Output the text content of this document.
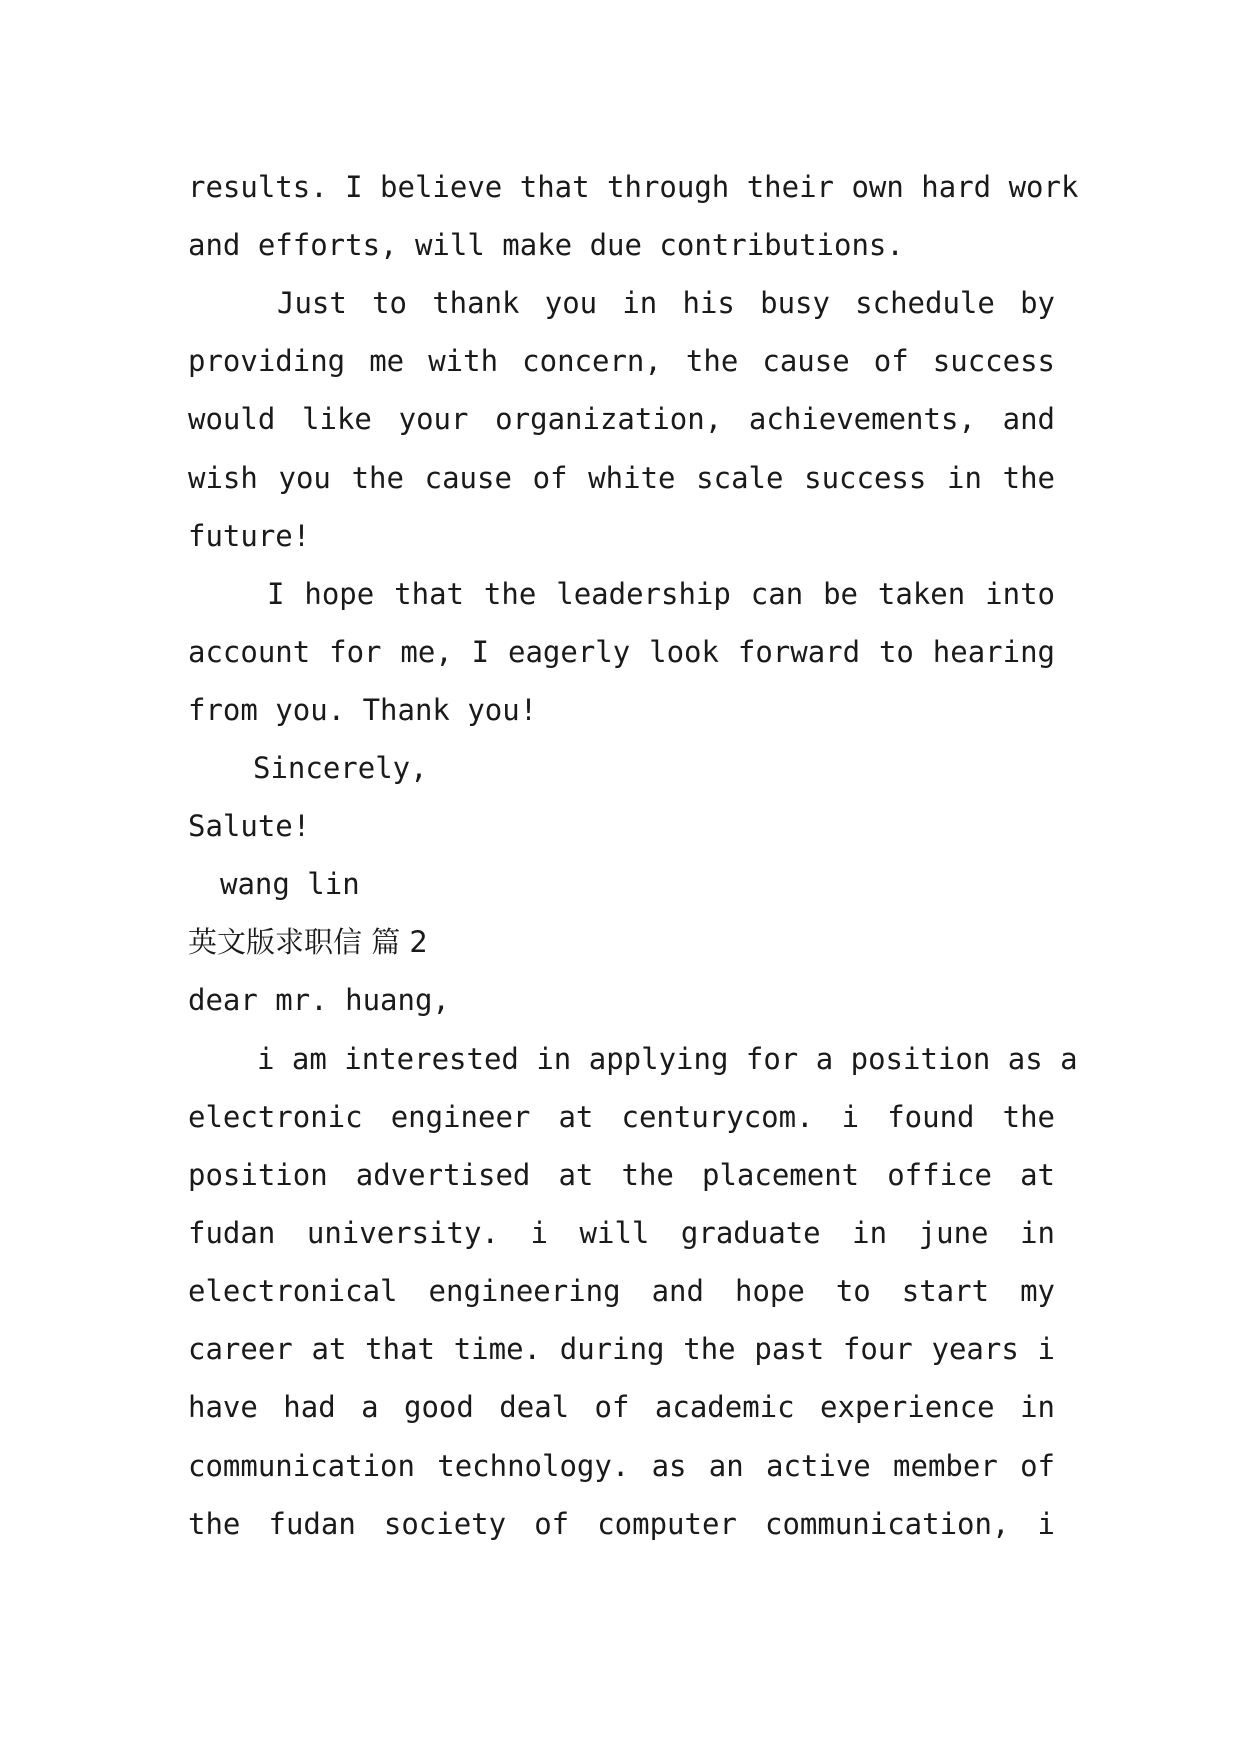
results. I believe that through their own hard work
and efforts, will make due contributions.
Just to thank you in his busy schedule by
providing me with concern, the cause of success
would like your organization, achievements, and
wish you the cause of white scale success in the
future!
I hope that the leadership can be taken into
account for me, I eagerly look forward to hearing
from you. Thank you!
Sincerely,
Salute!
wang lin
英文版求职信 篇 2
dear mr. huang,
i am interested in applying for a position as a
electronic engineer at centurycom. i found the
position advertised at the placement office at
fudan university. i will graduate in june in
electronical engineering and hope to start my
career at that time. during the past four years i
have had a good deal of academic experience in
communication technology. as an active member of
the fudan society of computer communication, i
